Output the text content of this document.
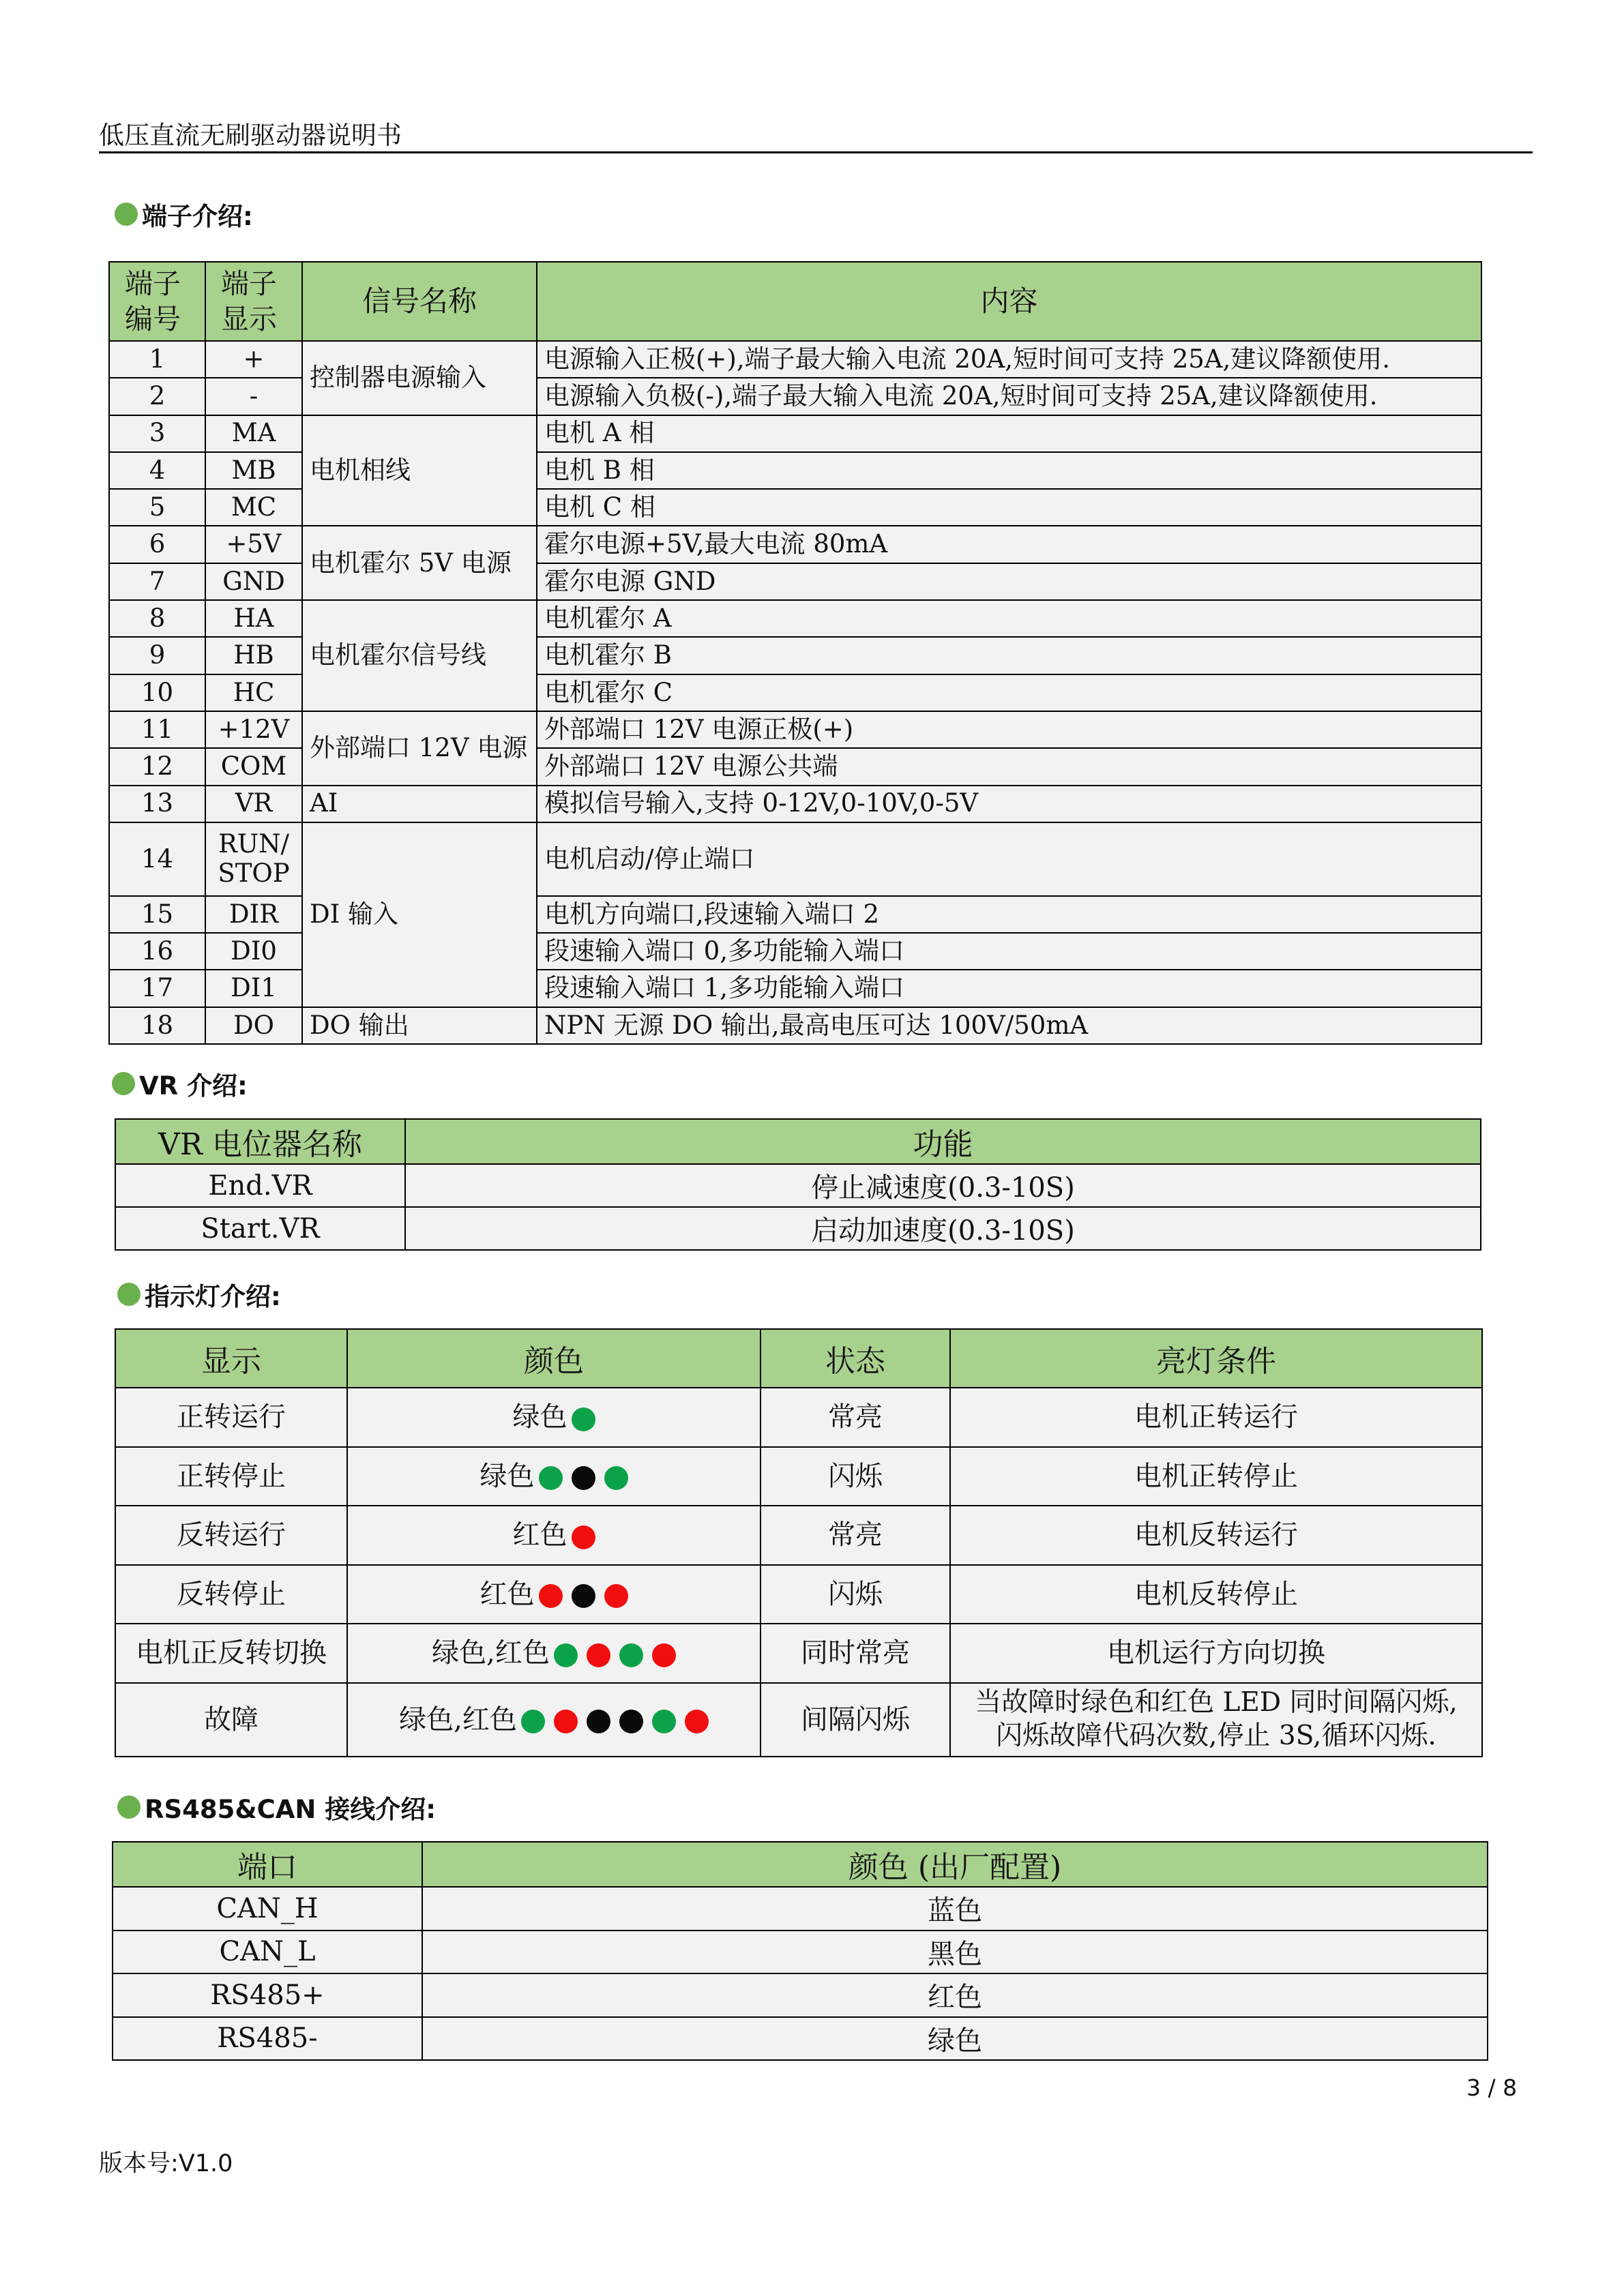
低压直流无刷驱动器说明书
端子介绍:
端子编号	端子显示	信号名称	内容
1	+	控制器电源输入	电源输入正极(+),端子最大输入电流 20A,短时间可支持 25A,建议降额使用.
2	-		电源输入负极(-),端子最大输入电流 20A,短时间可支持 25A,建议降额使用.
3	MA	电机相线	电机 A 相
4	MB		电机 B 相
5	MC		电机 C 相
6	+5V	电机霍尔 5V 电源	霍尔电源+5V,最大电流 80mA
7	GND		霍尔电源 GND
8	HA	电机霍尔信号线	电机霍尔 A
9	HB		电机霍尔 B
10	HC		电机霍尔 C
11	+12V	外部端口 12V 电源	外部端口 12V 电源正极(+)
12	COM		外部端口 12V 电源公共端
13	VR	AI	模拟信号输入,支持 0-12V,0-10V,0-5V
14	RUN/STOP	DI 输入	电机启动/停止端口
15	DIR		电机方向端口,段速输入端口 2
16	DI0		段速输入端口 0,多功能输入端口
17	DI1		段速输入端口 1,多功能输入端口
18	DO	DO 输出	NPN 无源 DO 输出,最高电压可达 100V/50mA
VR 介绍:
VR 电位器名称	功能
End.VR	停止减速度(0.3-10S)
Start.VR	启动加速度(0.3-10S)
指示灯介绍:
显示	颜色	状态	亮灯条件
正转运行	绿色	常亮	电机正转运行
正转停止	绿色	闪烁	电机正转停止
反转运行	红色	常亮	电机反转运行
反转停止	红色	闪烁	电机反转停止
电机正反转切换	绿色,红色	同时常亮	电机运行方向切换
故障	绿色,红色	间隔闪烁	当故障时绿色和红色 LED 同时间隔闪烁,闪烁故障代码次数,停止 3S,循环闪烁.
RS485&CAN 接线介绍:
端口	颜色 (出厂配置)
CAN_H	蓝色
CAN_L	黑色
RS485+	红色
RS485-	绿色
3 / 8
版本号:V1.0
